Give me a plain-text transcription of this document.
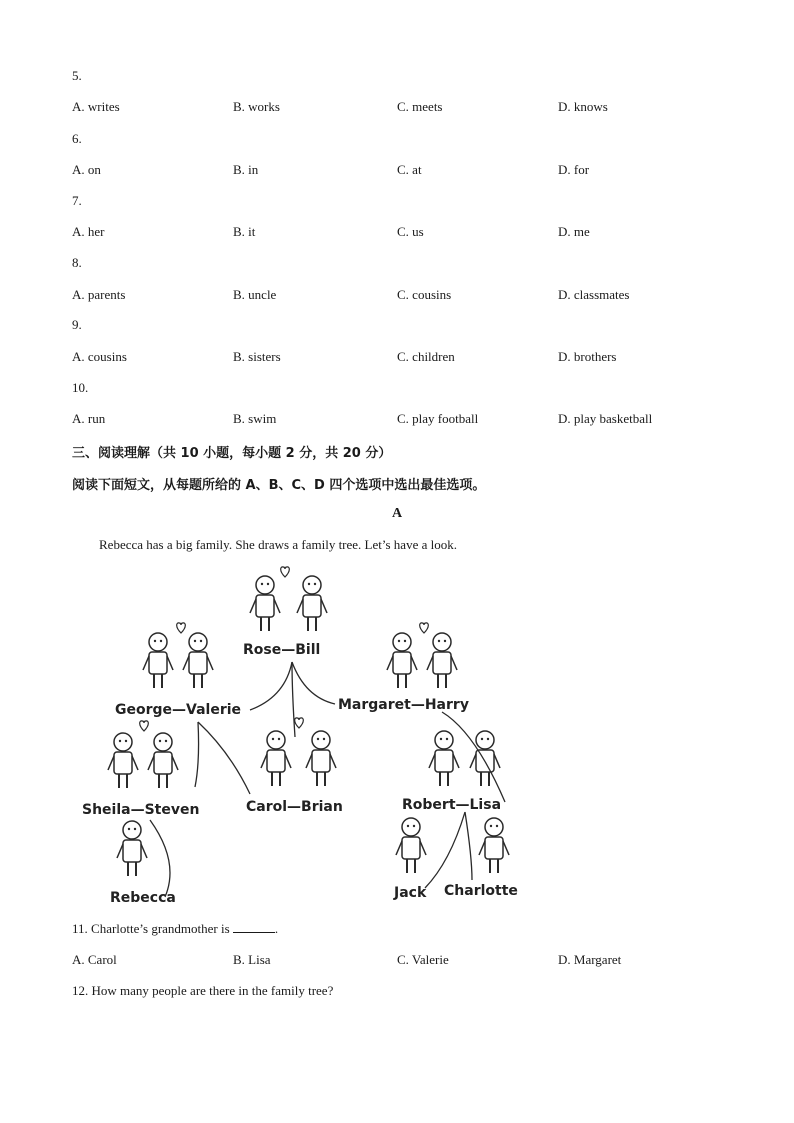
5.
A. writes	B. works	C. meets	D. knows
6.
A. on	B. in	C. at	D. for
7.
A. her	B. it	C. us	D. me
8.
A. parents	B. uncle	C. cousins	D. classmates
9.
A. cousins	B. sisters	C. children	D. brothers
10.
A. run	B. swim	C. play football	D. play basketball
三、阅读理解（共 10 小题，每小题 2 分，共 20 分）
阅读下面短文，从每题所给的 A、B、C、D 四个选项中选出最佳选项。
A
Rebecca has a big family. She draws a family tree. Let’s have a look.
Rose—Bill
George—Valerie	Margaret—Harry
Sheila—Steven	Carol—Brian	Robert—Lisa
Rebecca	Jack Charlotte
11. Charlotte’s grandmother is	.
A. Carol	B. Lisa	C. Valerie	D. Margaret
12. How many people are there in the family tree?
